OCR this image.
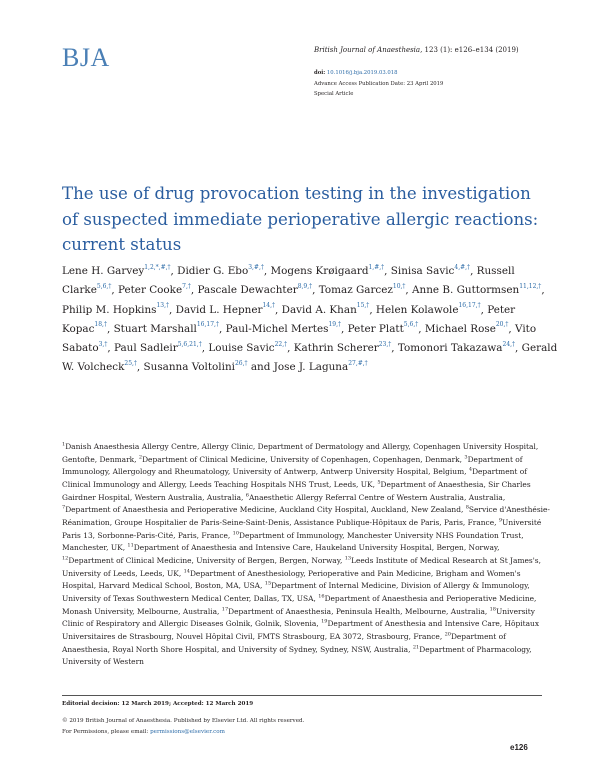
BJA	British Journal of Anaesthesia, 123 (1): e126–e134 (2019)
doi: 10.1016/j.bja.2019.03.018
Advance Access Publication Date: 23 April 2019
Special Article
The use of drug provocation testing in the investigation of suspected immediate perioperative allergic reactions: current status

Lene H. Garvey$^{1,2,*,\#,\dagger}$, Didier G. Ebo$^{3,\#,\dagger}$, Mogens Krøigaard$^{1,\#,\dagger}$, Sinisa Savic$^{4,\#,\dagger}$, Russell Clarke$^{5,6,\dagger}$, Peter Cooke$^{7,\dagger}$, Pascale Dewachter$^{8,9,\dagger}$, Tomaz Garcez$^{10,\dagger}$, Anne B. Guttormsen$^{11,12,\dagger}$, Philip M. Hopkins$^{13,\dagger}$, David L. Hepner$^{14,\dagger}$, David A. Khan$^{15,\dagger}$, Helen Kolawole$^{16,17,\dagger}$, Peter Kopac$^{18,\dagger}$, Stuart Marshall$^{16,17,\dagger}$, Paul-Michel Mertes$^{19,\dagger}$, Peter Platt$^{5,6,\dagger}$, Michael Rose$^{20,\dagger}$, Vito Sabato$^{3,\dagger}$, Paul Sadleir$^{5,6,21,\dagger}$, Louise Savic$^{22,\dagger}$, Kathrin Scherer$^{23,\dagger}$, Tomonori Takazawa$^{24,\dagger}$, Gerald W. Volcheck$^{25,\dagger}$, Susanna Voltolini$^{26,\dagger}$ and Jose J. Laguna$^{27,\#,\dagger}$

$^1$Danish Anaesthesia Allergy Centre, Allergy Clinic, Department of Dermatology and Allergy, Copenhagen University Hospital, Gentofte, Denmark, $^2$Department of Clinical Medicine, University of Copenhagen, Copenhagen, Denmark, $^3$Department of Immunology, Allergology and Rheumatology, University of Antwerp, Antwerp University Hospital, Belgium, $^4$Department of Clinical Immunology and Allergy, Leeds Teaching Hospitals NHS Trust, Leeds, UK, $^5$Department of Anaesthesia, Sir Charles Gairdner Hospital, Western Australia, Australia, $^6$Anaesthetic Allergy Referral Centre of Western Australia, Australia, $^7$Department of Anaesthesia and Perioperative Medicine, Auckland City Hospital, Auckland, New Zealand, $^8$Service d'Anesthésie-Réanimation, Groupe Hospitalier de Paris-Seine-Saint-Denis, Assistance Publique-Hôpitaux de Paris, Paris, France, $^9$Université Paris 13, Sorbonne-Paris-Cité, Paris, France, $^{10}$Department of Immunology, Manchester University NHS Foundation Trust, Manchester, UK, $^{11}$Department of Anaesthesia and Intensive Care, Haukeland University Hospital, Bergen, Norway, $^{12}$Department of Clinical Medicine, University of Bergen, Bergen, Norway, $^{13}$Leeds Institute of Medical Research at St James's, University of Leeds, Leeds, UK, $^{14}$Department of Anesthesiology, Perioperative and Pain Medicine, Brigham and Women's Hospital, Harvard Medical School, Boston, MA, USA, $^{15}$Department of Internal Medicine, Division of Allergy & Immunology, University of Texas Southwestern Medical Center, Dallas, TX, USA, $^{16}$Department of Anaesthesia and Perioperative Medicine, Monash University, Melbourne, Australia, $^{17}$Department of Anaesthesia, Peninsula Health, Melbourne, Australia, $^{18}$University Clinic of Respiratory and Allergic Diseases Golnik, Golnik, Slovenia, $^{19}$Department of Anesthesia and Intensive Care, Hôpitaux Universitaires de Strasbourg, Nouvel Hôpital Civil, FMTS Strasbourg, EA 3072, Strasbourg, France, $^{20}$Department of Anaesthesia, Royal North Shore Hospital, and University of Sydney, Sydney, NSW, Australia, $^{21}$Department of Pharmacology, University of Western

Editorial decision: 12 March 2019; Accepted: 12 March 2019
© 2019 British Journal of Anaesthesia. Published by Elsevier Ltd. All rights reserved.
For Permissions, please email: permissions@elsevier.com
e126
